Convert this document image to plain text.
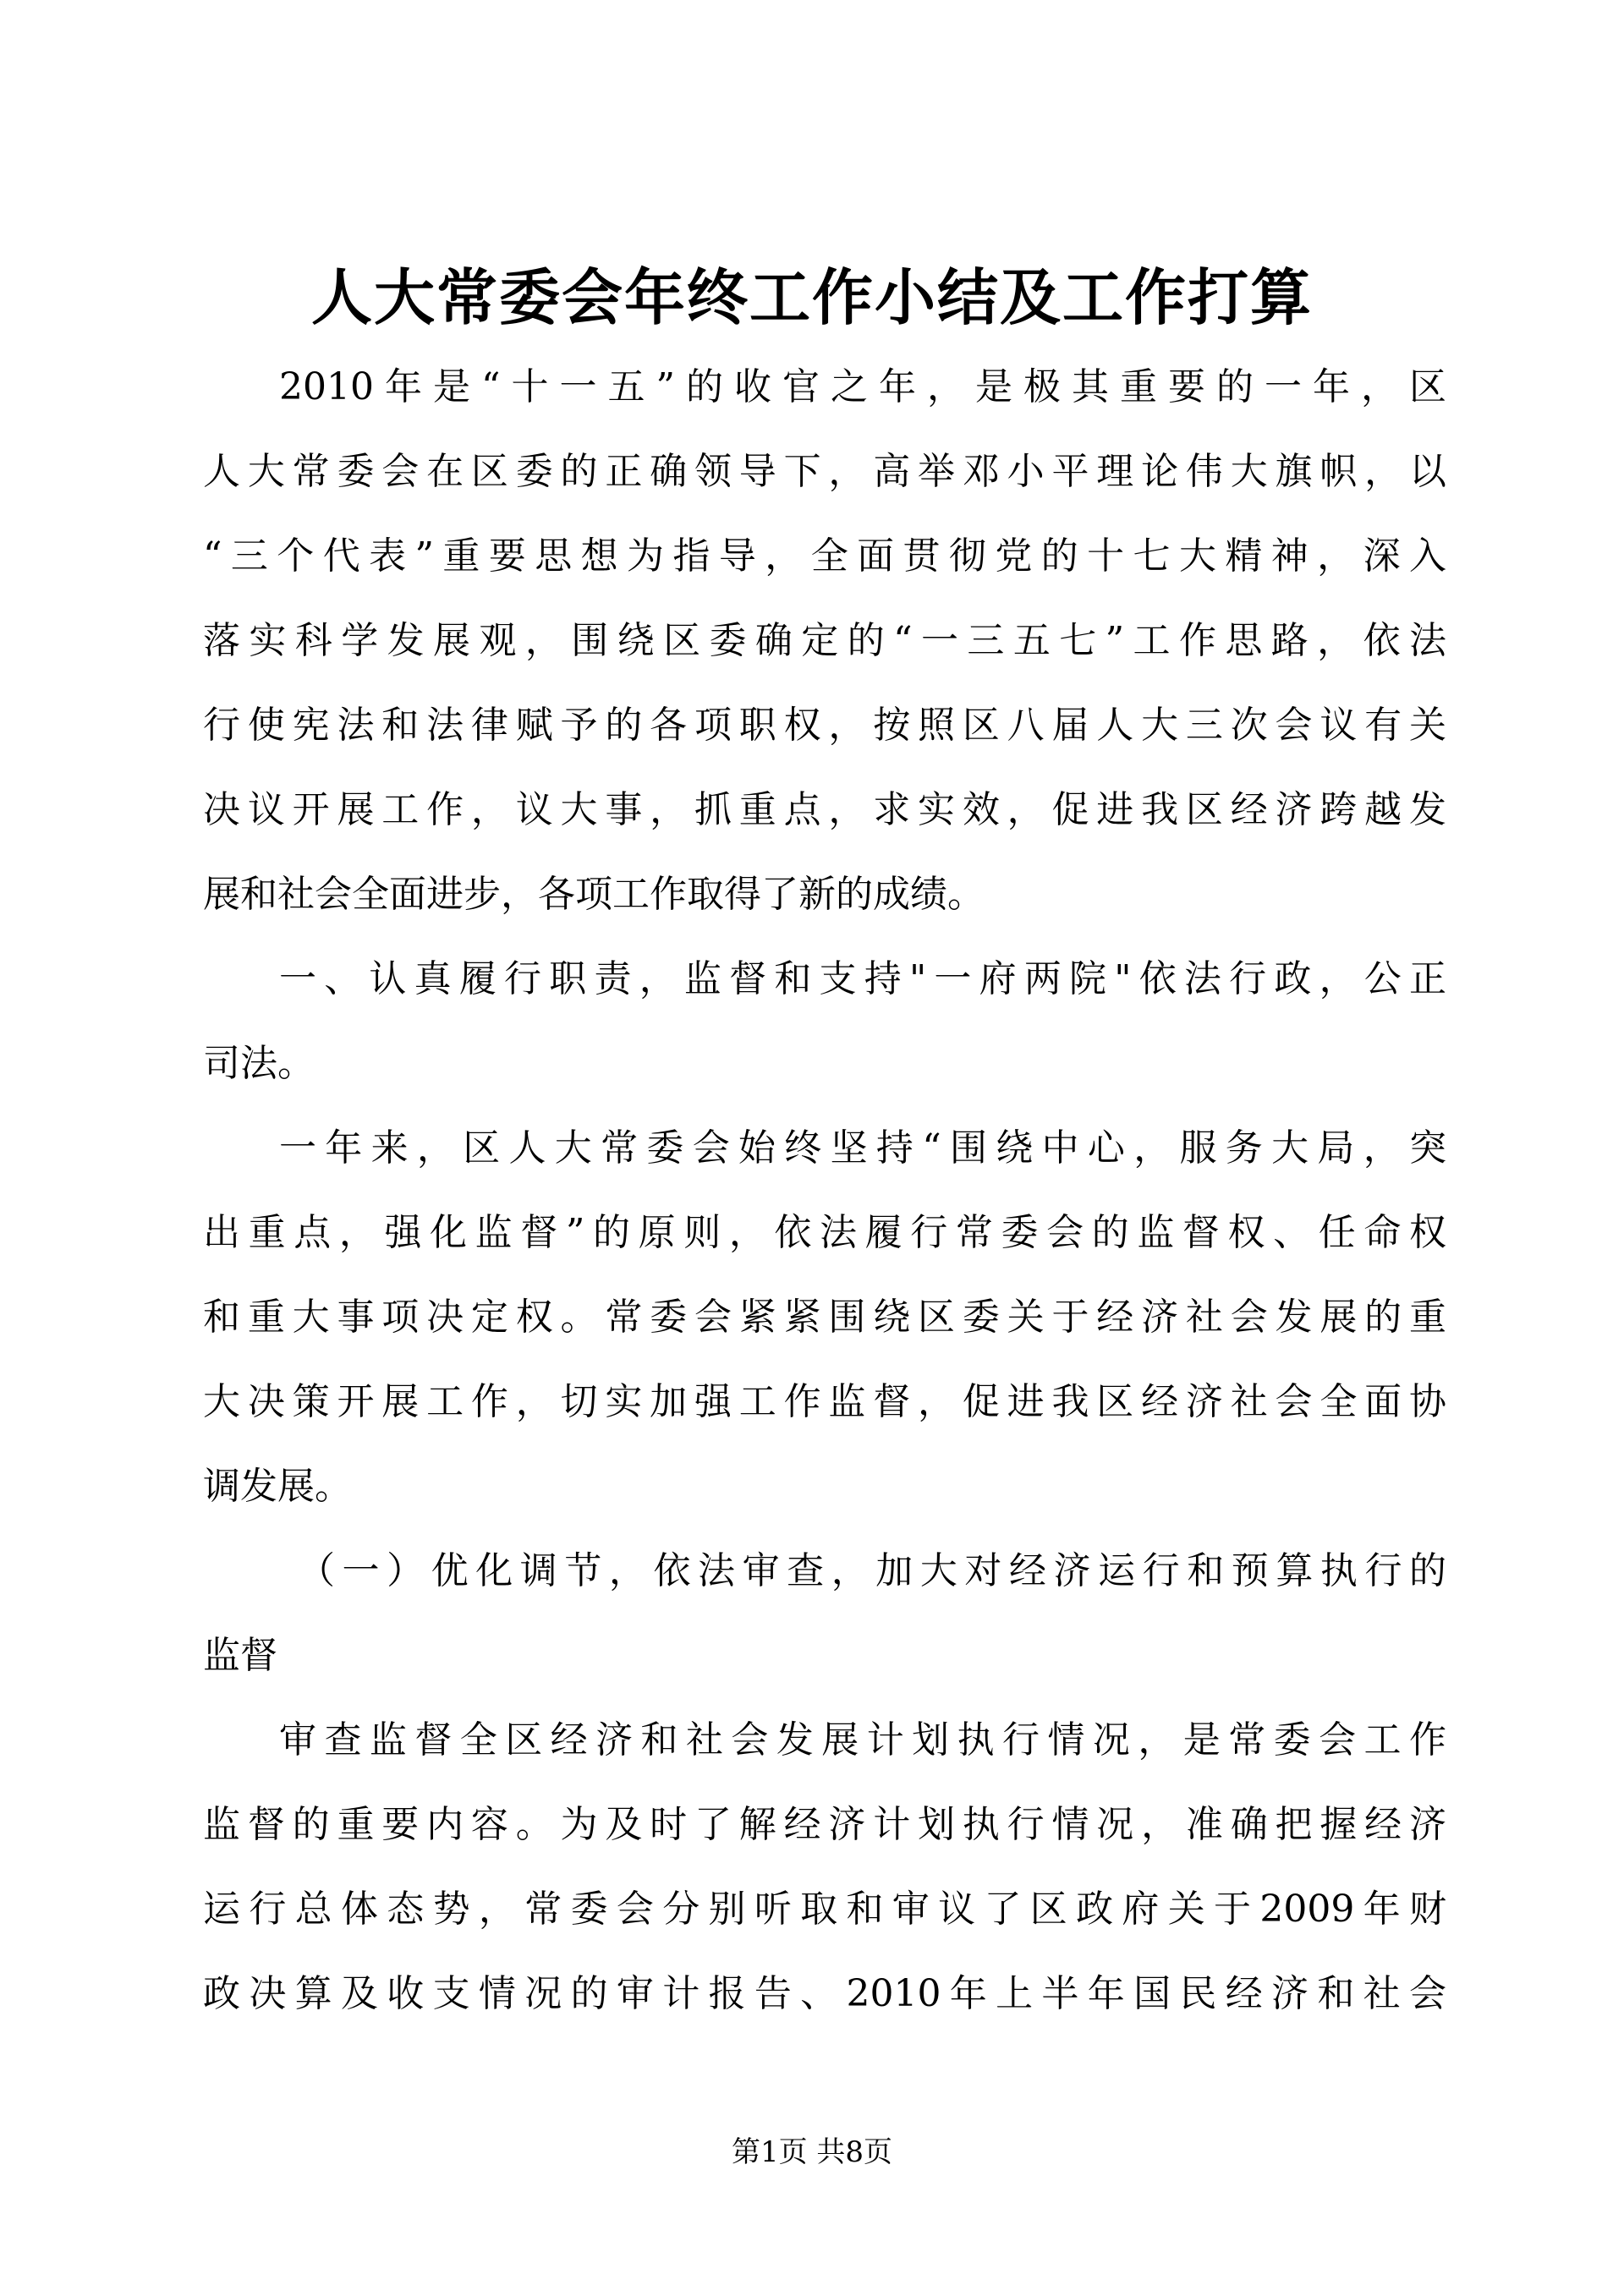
人大常委会年终工作小结及工作打算
2010年是“十一五”的收官之年，是极其重要的一年，区
人大常委会在区委的正确领导下，高举邓小平理论伟大旗帜，以
“三个代表”重要思想为指导，全面贯彻党的十七大精神，深入
落实科学发展观，围绕区委确定的“一三五七”工作思路，依法
行使宪法和法律赋予的各项职权，按照区八届人大三次会议有关
决议开展工作，议大事，抓重点，求实效，促进我区经济跨越发
展和社会全面进步，各项工作取得了新的成绩。
一、认真履行职责，监督和支持"一府两院"依法行政，公正
司法。
一年来，区人大常委会始终坚持“围绕中心，服务大局，突
出重点，强化监督”的原则，依法履行常委会的监督权、任命权
和重大事项决定权。常委会紧紧围绕区委关于经济社会发展的重
大决策开展工作，切实加强工作监督，促进我区经济社会全面协
调发展。
（一）优化调节，依法审查，加大对经济运行和预算执行的
监督
审查监督全区经济和社会发展计划执行情况，是常委会工作
监督的重要内容。为及时了解经济计划执行情况，准确把握经济
运行总体态势，常委会分别听取和审议了区政府关于2009年财
政决算及收支情况的审计报告、2010年上半年国民经济和社会
第1页 共8页
